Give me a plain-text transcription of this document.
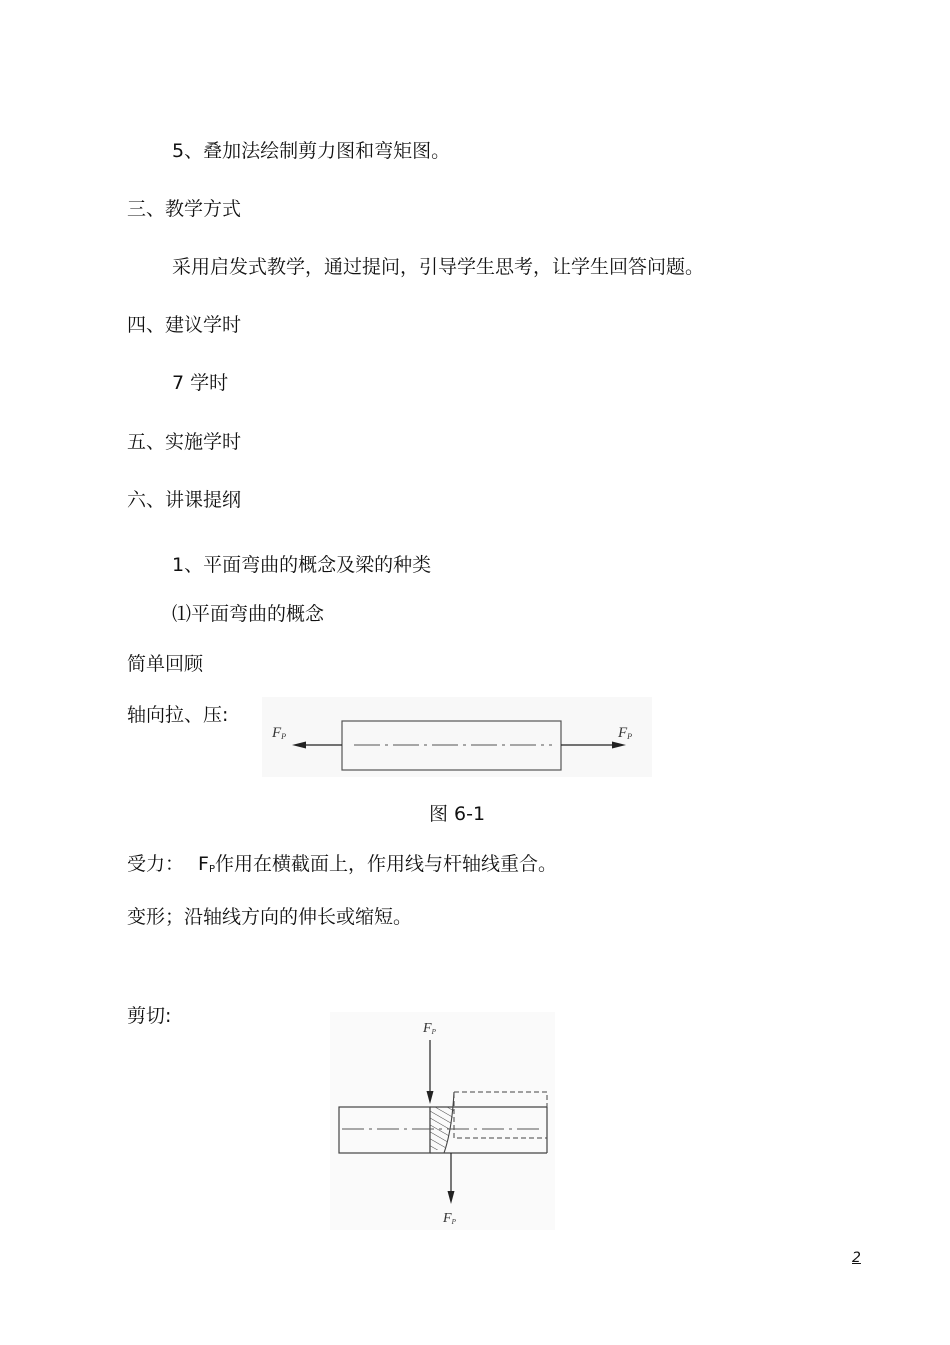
5、叠加法绘制剪力图和弯矩图。
三、教学方式
采用启发式教学，通过提问，引导学生思考，让学生回答问题。
四、建议学时
7 学时
五、实施学时
六、讲课提纲
1、平面弯曲的概念及梁的种类
⑴平面弯曲的概念
简单回顾
轴向拉、压:
FP	FP
图 6-1
受力： $F_P$作用在横截面上，作用线与杆轴线重合。
变形；沿轴线方向的伸长或缩短。
剪切:
FP
FP
2
